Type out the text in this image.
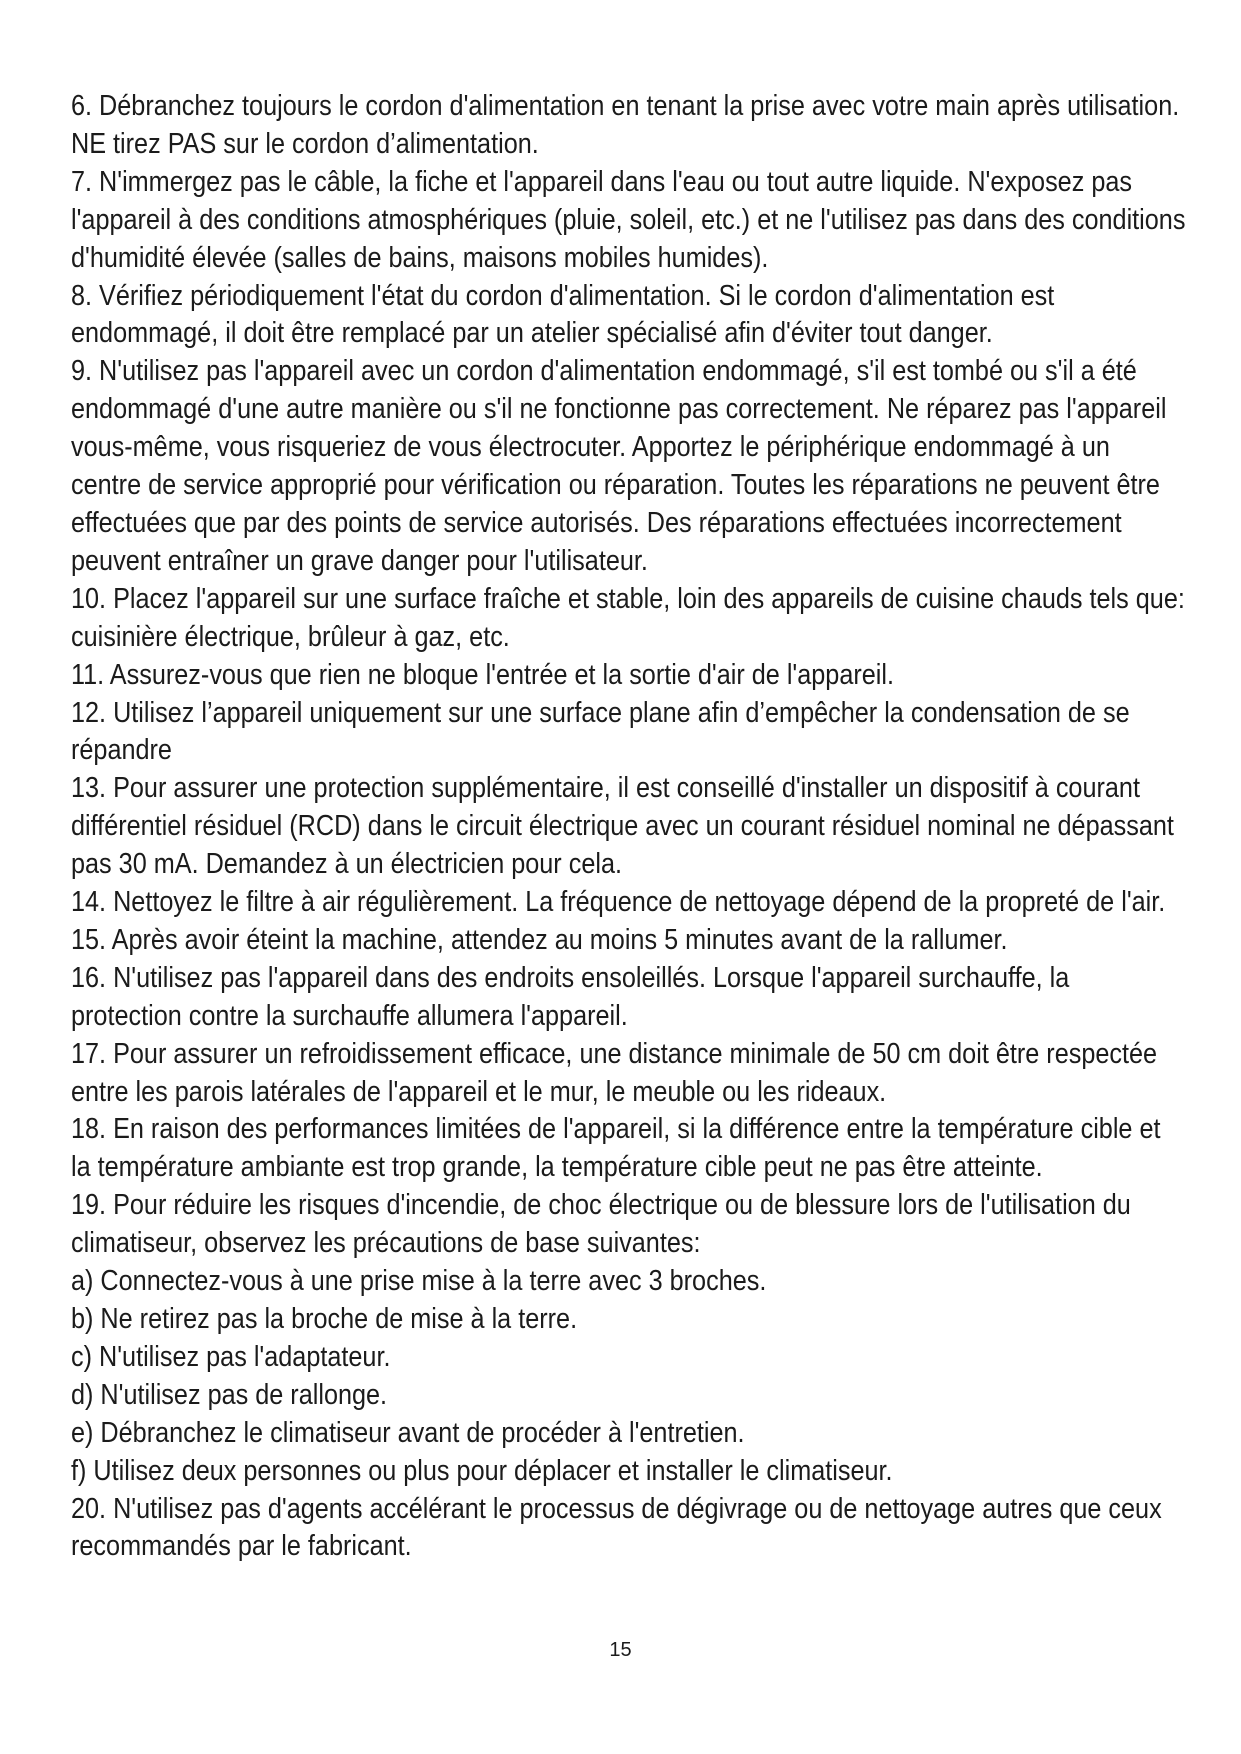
6. Débranchez toujours le cordon d'alimentation en tenant la prise avec votre main après utilisation. NE tirez PAS sur le cordon d’alimentation.

7. N'immergez pas le câble, la fiche et l'appareil dans l'eau ou tout autre liquide. N'exposez pas l'appareil à des conditions atmosphériques (pluie, soleil, etc.) et ne l'utilisez pas dans des conditions d'humidité élevée (salles de bains, maisons mobiles humides).

8. Vérifiez périodiquement l'état du cordon d'alimentation. Si le cordon d'alimentation est endommagé, il doit être remplacé par un atelier spécialisé afin d'éviter tout danger.

9. N'utilisez pas l'appareil avec un cordon d'alimentation endommagé, s'il est tombé ou s'il a été endommagé d'une autre manière ou s'il ne fonctionne pas correctement. Ne réparez pas l'appareil vous-même, vous risqueriez de vous électrocuter. Apportez le périphérique endommagé à un centre de service approprié pour vérification ou réparation. Toutes les réparations ne peuvent être effectuées que par des points de service autorisés. Des réparations effectuées incorrectement peuvent entraîner un grave danger pour l'utilisateur.

10. Placez l'appareil sur une surface fraîche et stable, loin des appareils de cuisine chauds tels que: cuisinière électrique, brûleur à gaz, etc.

11. Assurez-vous que rien ne bloque l'entrée et la sortie d'air de l'appareil.

12. Utilisez l’appareil uniquement sur une surface plane afin d’empêcher la condensation de se répandre

13. Pour assurer une protection supplémentaire, il est conseillé d'installer un dispositif à courant différentiel résiduel (RCD) dans le circuit électrique avec un courant résiduel nominal ne dépassant pas 30 mA. Demandez à un électricien pour cela.

14. Nettoyez le filtre à air régulièrement. La fréquence de nettoyage dépend de la propreté de l'air.

15. Après avoir éteint la machine, attendez au moins 5 minutes avant de la rallumer.

16. N'utilisez pas l'appareil dans des endroits ensoleillés. Lorsque l'appareil surchauffe, la protection contre la surchauffe allumera l'appareil.

17. Pour assurer un refroidissement efficace, une distance minimale de 50 cm doit être respectée entre les parois latérales de l'appareil et le mur, le meuble ou les rideaux.

18. En raison des performances limitées de l'appareil, si la différence entre la température cible et la température ambiante est trop grande, la température cible peut ne pas être atteinte.

19. Pour réduire les risques d'incendie, de choc électrique ou de blessure lors de l'utilisation du climatiseur, observez les précautions de base suivantes:

a) Connectez-vous à une prise mise à la terre avec 3 broches.

b) Ne retirez pas la broche de mise à la terre.

c) N'utilisez pas l'adaptateur.

d) N'utilisez pas de rallonge.

e) Débranchez le climatiseur avant de procéder à l'entretien.

f) Utilisez deux personnes ou plus pour déplacer et installer le climatiseur.

20. N'utilisez pas d'agents accélérant le processus de dégivrage ou de nettoyage autres que ceux recommandés par le fabricant.

15
